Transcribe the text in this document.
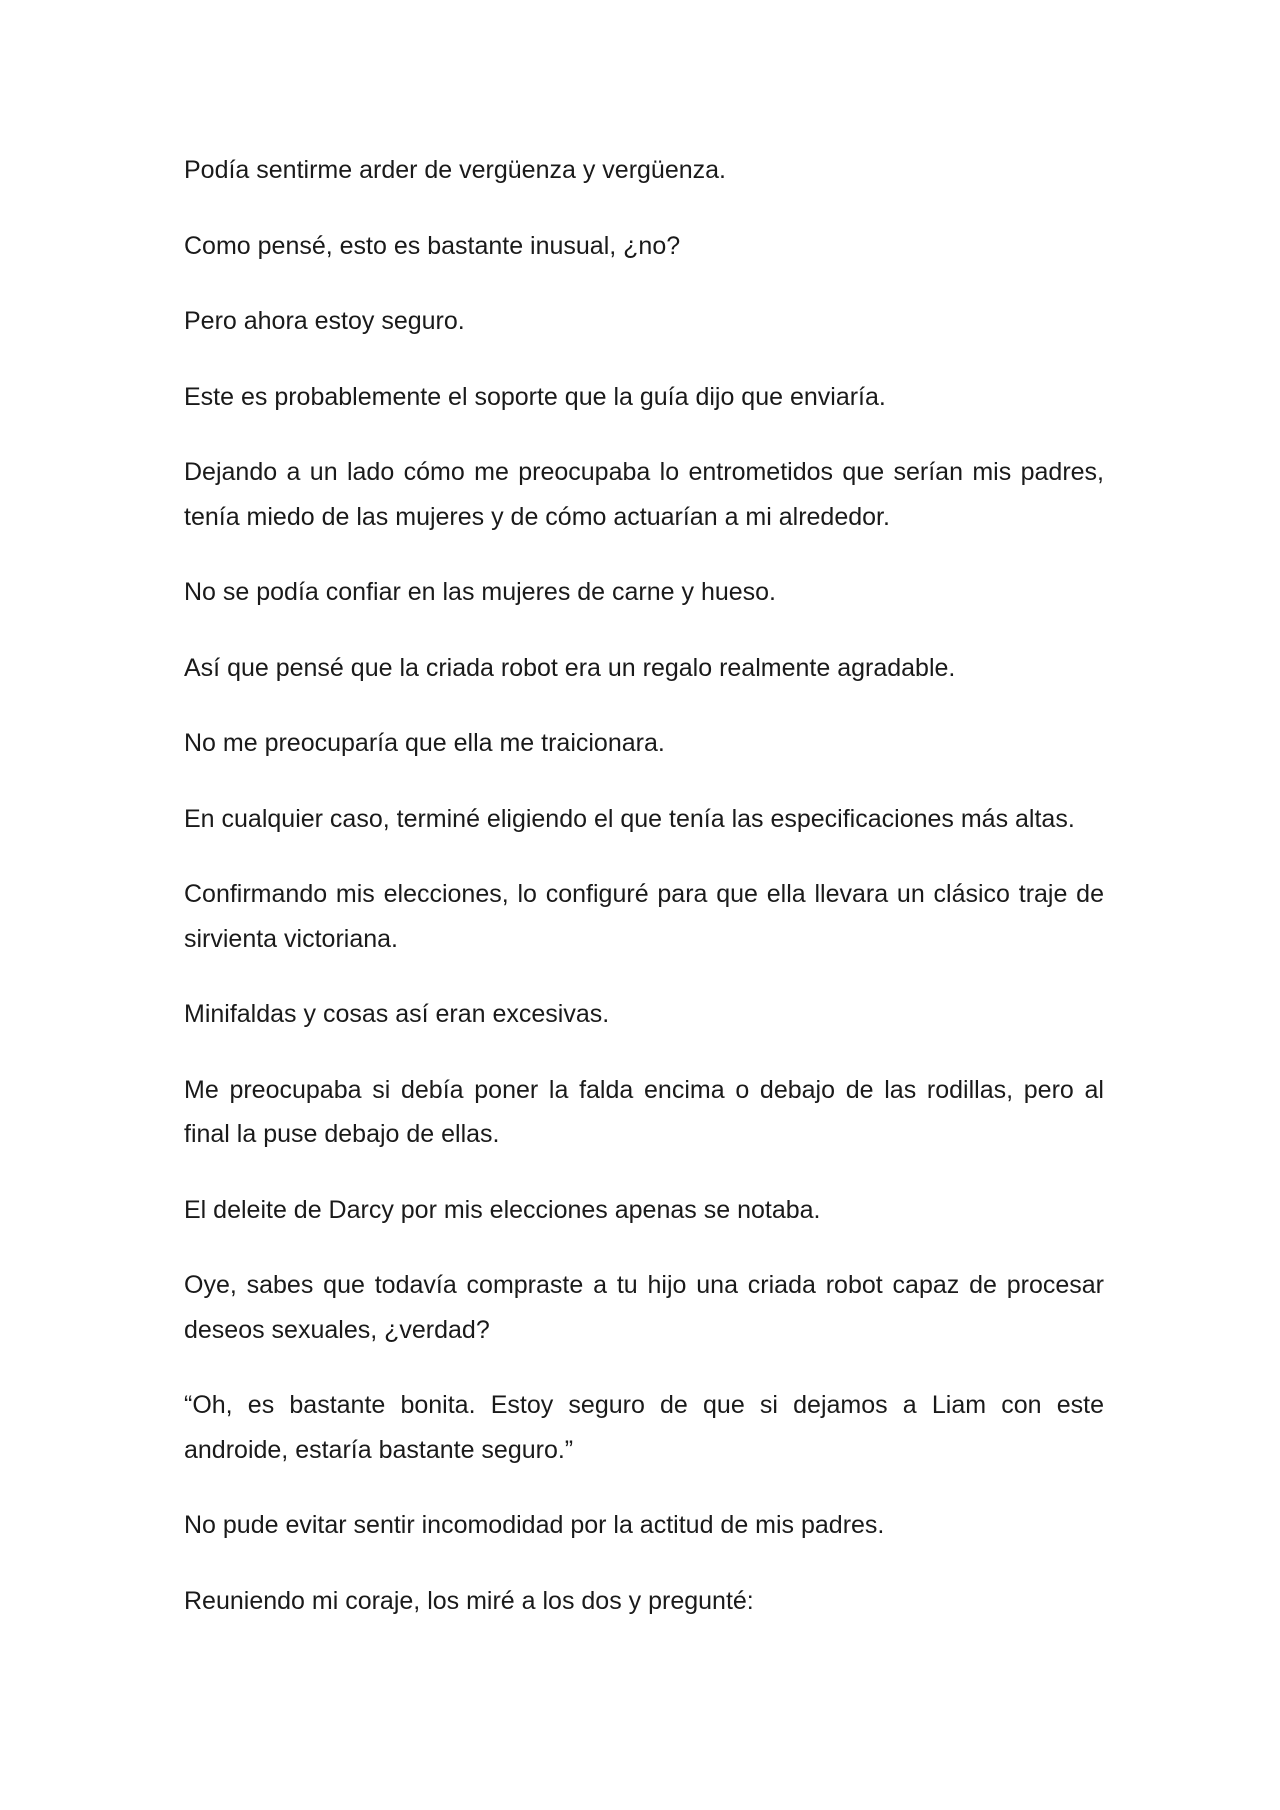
Podía sentirme arder de vergüenza y vergüenza.

Como pensé, esto es bastante inusual, ¿no?

Pero ahora estoy seguro.

Este es probablemente el soporte que la guía dijo que enviaría.

Dejando a un lado cómo me preocupaba lo entrometidos que serían mis padres, tenía miedo de las mujeres y de cómo actuarían a mi alrededor.

No se podía confiar en las mujeres de carne y hueso.

Así que pensé que la criada robot era un regalo realmente agradable.

No me preocuparía que ella me traicionara.

En cualquier caso, terminé eligiendo el que tenía las especificaciones más altas.

Confirmando mis elecciones, lo configuré para que ella llevara un clásico traje de sirvienta victoriana.

Minifaldas y cosas así eran excesivas.

Me preocupaba si debía poner la falda encima o debajo de las rodillas, pero al final la puse debajo de ellas.

El deleite de Darcy por mis elecciones apenas se notaba.

Oye, sabes que todavía compraste a tu hijo una criada robot capaz de procesar deseos sexuales, ¿verdad?

“Oh, es bastante bonita. Estoy seguro de que si dejamos a Liam con este androide, estaría bastante seguro.”

No pude evitar sentir incomodidad por la actitud de mis padres.

Reuniendo mi coraje, los miré a los dos y pregunté:
